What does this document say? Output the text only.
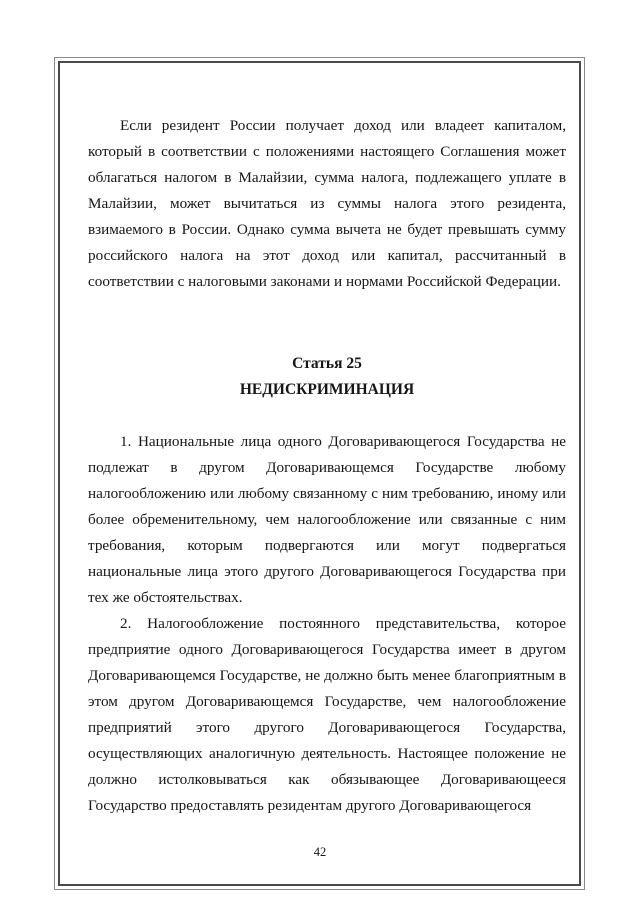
Если резидент России получает доход или владеет капиталом, который в соответствии с положениями настоящего Соглашения может облагаться налогом в Малайзии, сумма налога, подлежащего уплате в Малайзии, может вычитаться из суммы налога этого резидента, взимаемого в России. Однако сумма вычета не будет превышать сумму российского налога на этот доход или капитал, рассчитанный в соответствии с налоговыми законами и нормами Российской Федерации.

Статья 25

НЕДИСКРИМИНАЦИЯ

1. Национальные лица одного Договаривающегося Государства не подлежат в другом Договаривающемся Государстве любому налогообложению или любому связанному с ним требованию, иному или более обременительному, чем налогообложение или связанные с ним требования, которым подвергаются или могут подвергаться национальные лица этого другого Договаривающегося Государства при тех же обстоятельствах.

2. Налогообложение постоянного представительства, которое предприятие одного Договаривающегося Государства имеет в другом Договаривающемся Государстве, не должно быть менее благоприятным в этом другом Договаривающемся Государстве, чем налогообложение предприятий этого другого Договаривающегося Государства, осуществляющих аналогичную деятельность. Настоящее положение не должно истолковываться как обязывающее Договаривающееся Государство предоставлять резидентам другого Договаривающегося

42
